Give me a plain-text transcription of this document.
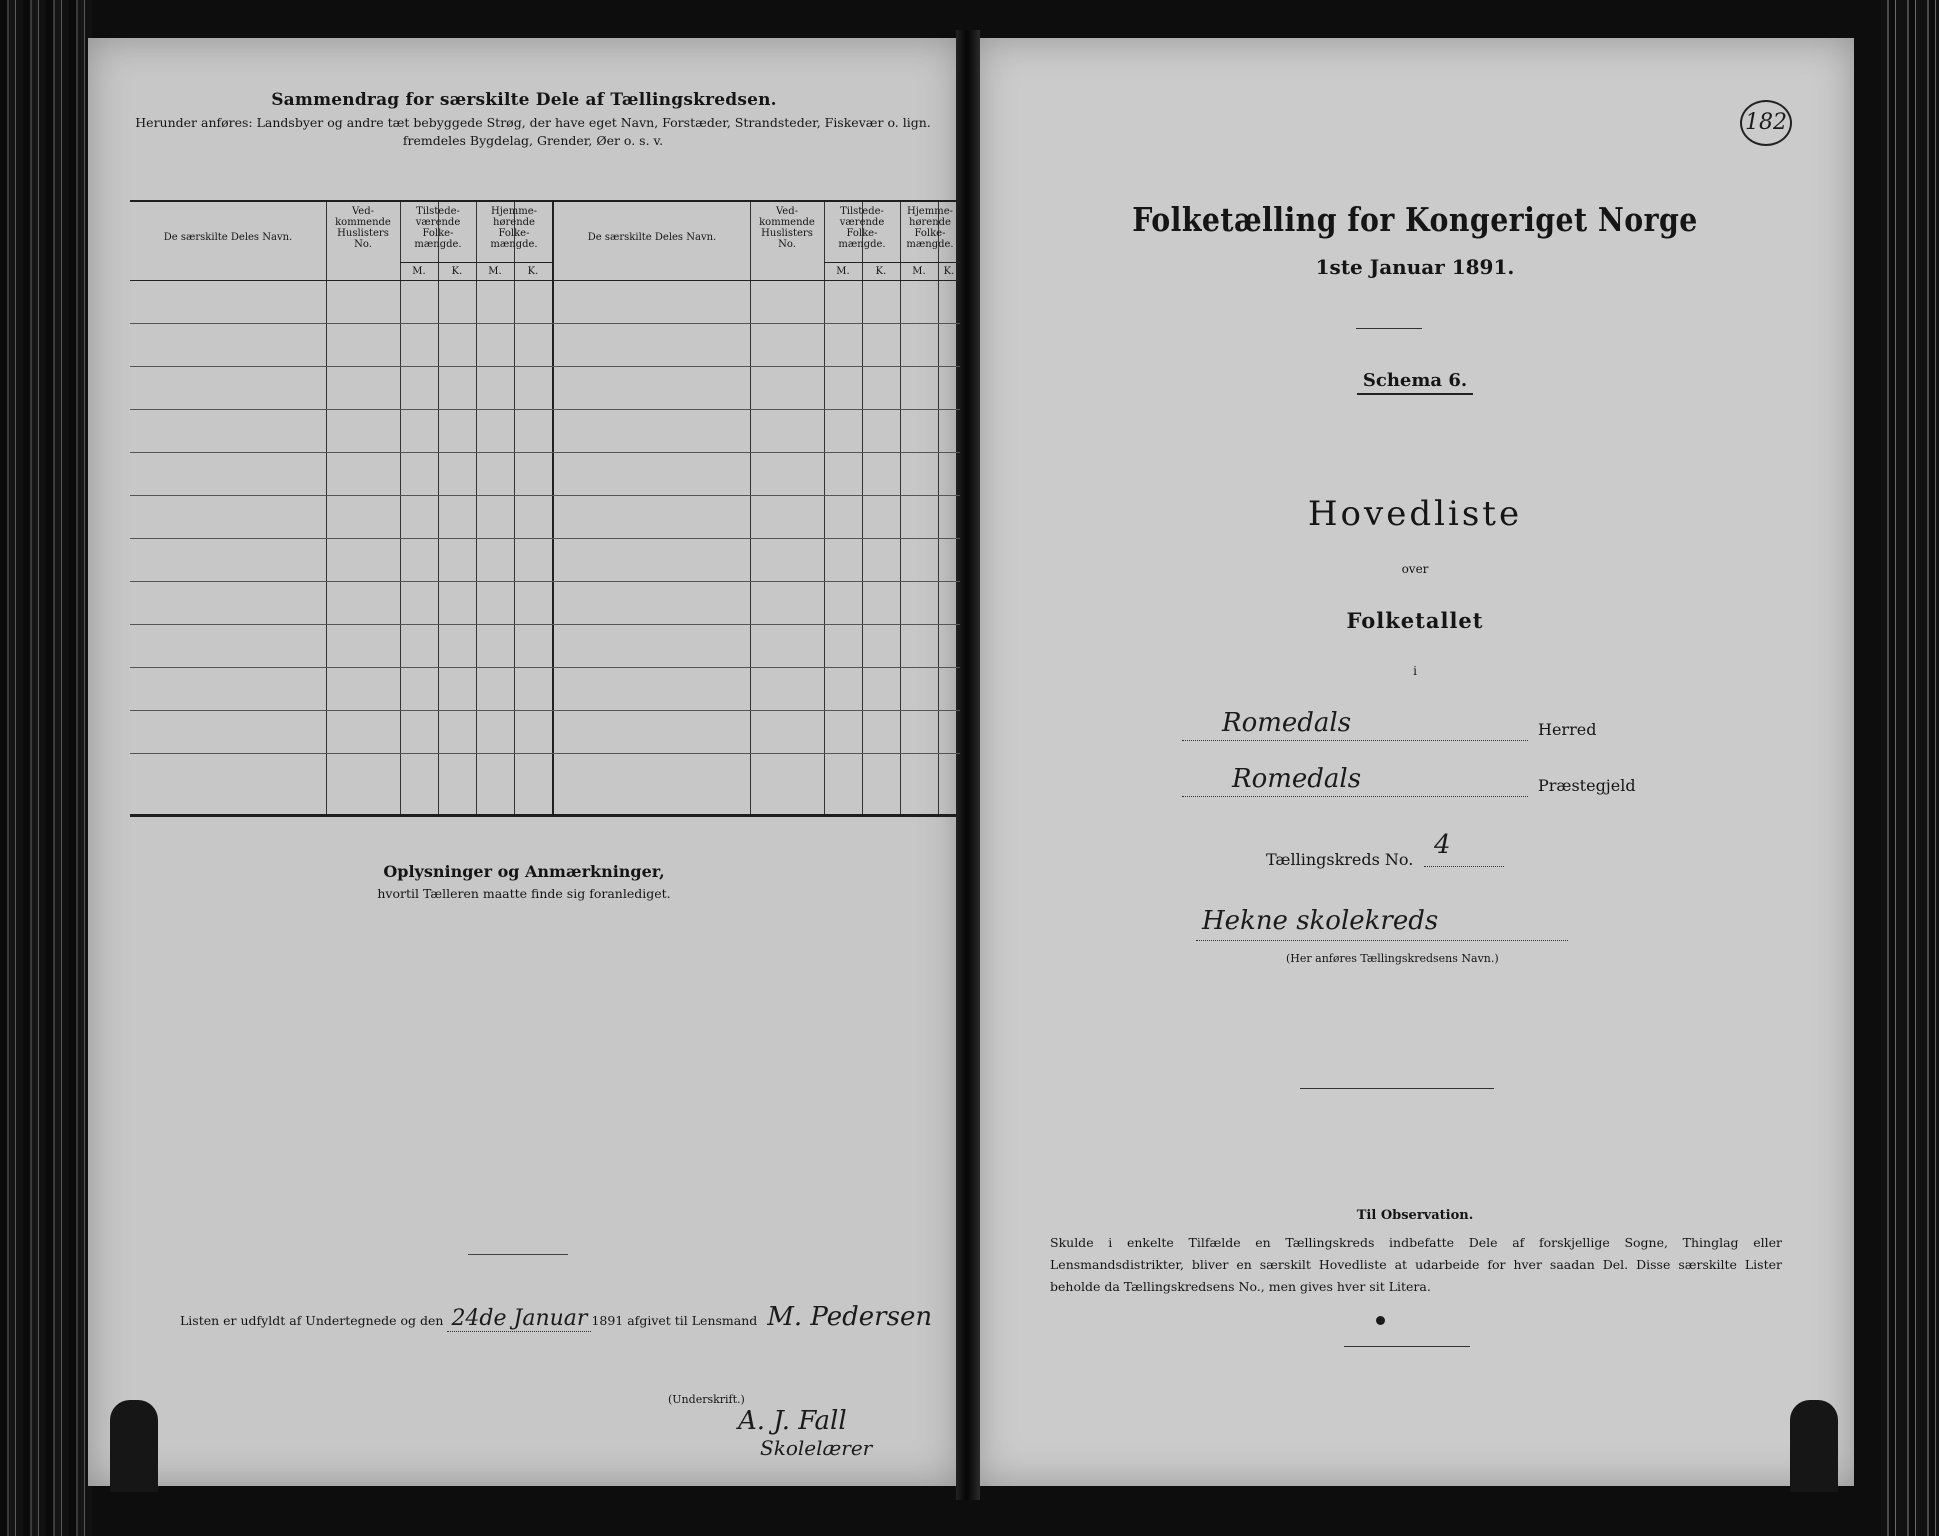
Sammendrag for særskilte Dele af Tællingskredsen.
Herunder anføres: Landsbyer og andre tæt bebyggede Strøg, der have eget Navn, Forstæder, Strandsteder, Fiskevær o. lign.
fremdeles Bygdelag, Grender, Øer o. s. v.
De særskilte Deles Navn.
Ved-kommende Huslisters No.
Tilstede-værende Folke-mængde.
Hjemme-hørende Folke-mængde.
M.	K.	M.	K.
De særskilte Deles Navn.
Ved-kommende Huslisters No.
Tilstede-værende Folke-mængde.
Hjemme-hørende Folke-mængde.
M.	K.	M.	K.
Oplysninger og Anmærkninger,
hvortil Tælleren maatte finde sig foranlediget.
Listen er udfyldt af Undertegnede og den 24de Januar 1891 afgivet til Lensmand M. Pedersen
(Underskrift.)
A. J. Fall
Skolelærer
182
Folketælling for Kongeriget Norge
1ste Januar 1891.
Schema 6.
Hovedliste
over
Folketallet
i
Romedals	Herred
Romedals	Præstegjeld
Tællingskreds No. 4
Hekne skolekreds
(Her anføres Tællingskredsens Navn.)
Til Observation.
Skulde i enkelte Tilfælde en Tællingskreds indbefatte Dele af forskjellige Sogne, Thinglag eller Lensmandsdistrikter, bliver en særskilt Hovedliste at udarbeide for hver saadan Del. Disse særskilte Lister beholde da Tællingskredsens No., men gives hver sit Litera.
